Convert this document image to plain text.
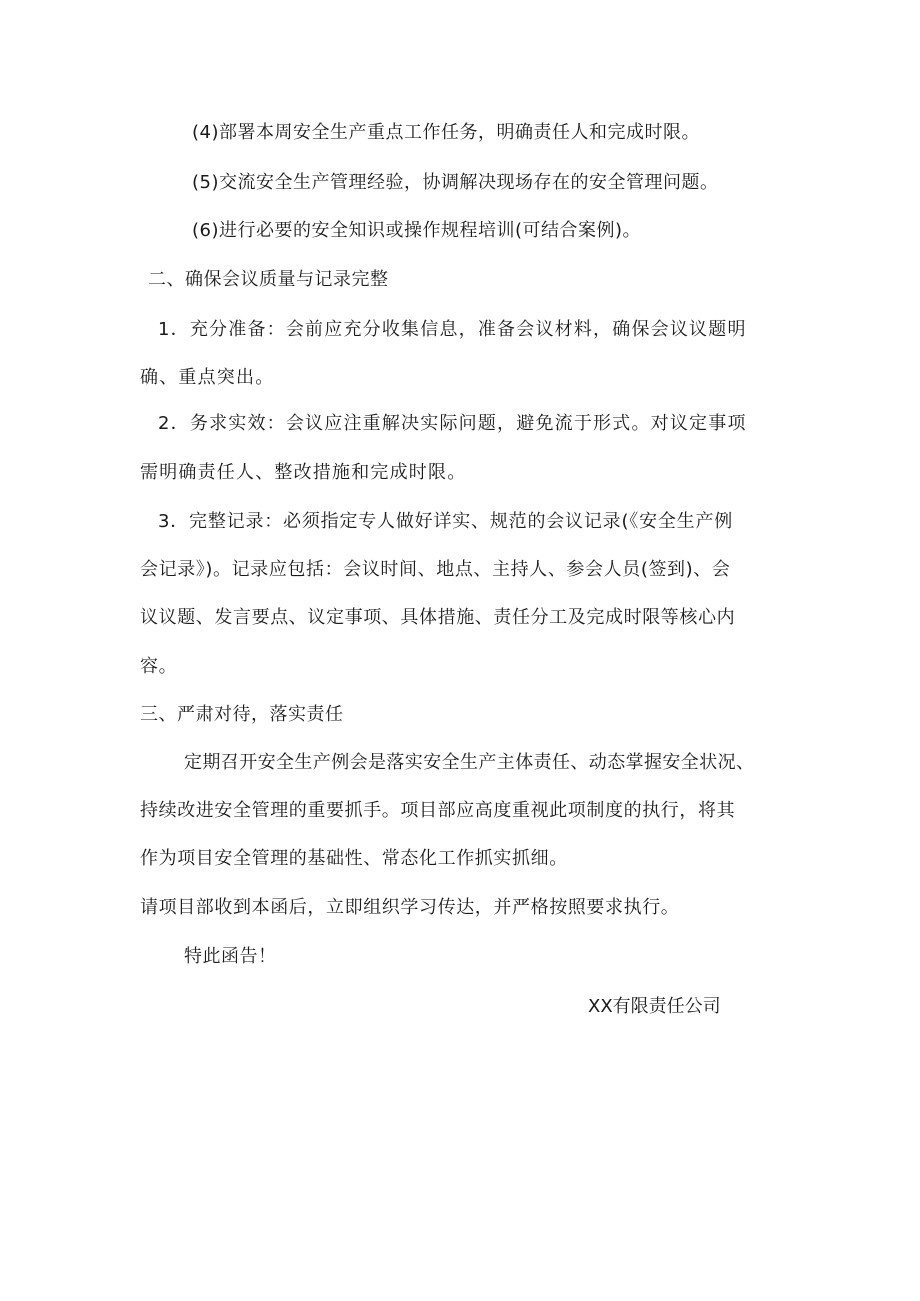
(4)部署本周安全生产重点工作任务，明确责任人和完成时限。
(5)交流安全生产管理经验，协调解决现场存在的安全管理问题。
(6)进行必要的安全知识或操作规程培训(可结合案例)。
二、确保会议质量与记录完整
1．充分准备：会前应充分收集信息，准备会议材料，确保会议议题明
确、重点突出。
2．务求实效：会议应注重解决实际问题，避免流于形式。对议定事项
需明确责任人、整改措施和完成时限。
3．完整记录：必须指定专人做好详实、规范的会议记录(《安全生产例
会记录》)。记录应包括：会议时间、地点、主持人、参会人员(签到)、会
议议题、发言要点、议定事项、具体措施、责任分工及完成时限等核心内
容。
三、严肃对待，落实责任
定期召开安全生产例会是落实安全生产主体责任、动态掌握安全状况、
持续改进安全管理的重要抓手。项目部应高度重视此项制度的执行，将其
作为项目安全管理的基础性、常态化工作抓实抓细。
请项目部收到本函后，立即组织学习传达，并严格按照要求执行。
特此函告！
XX有限责任公司
